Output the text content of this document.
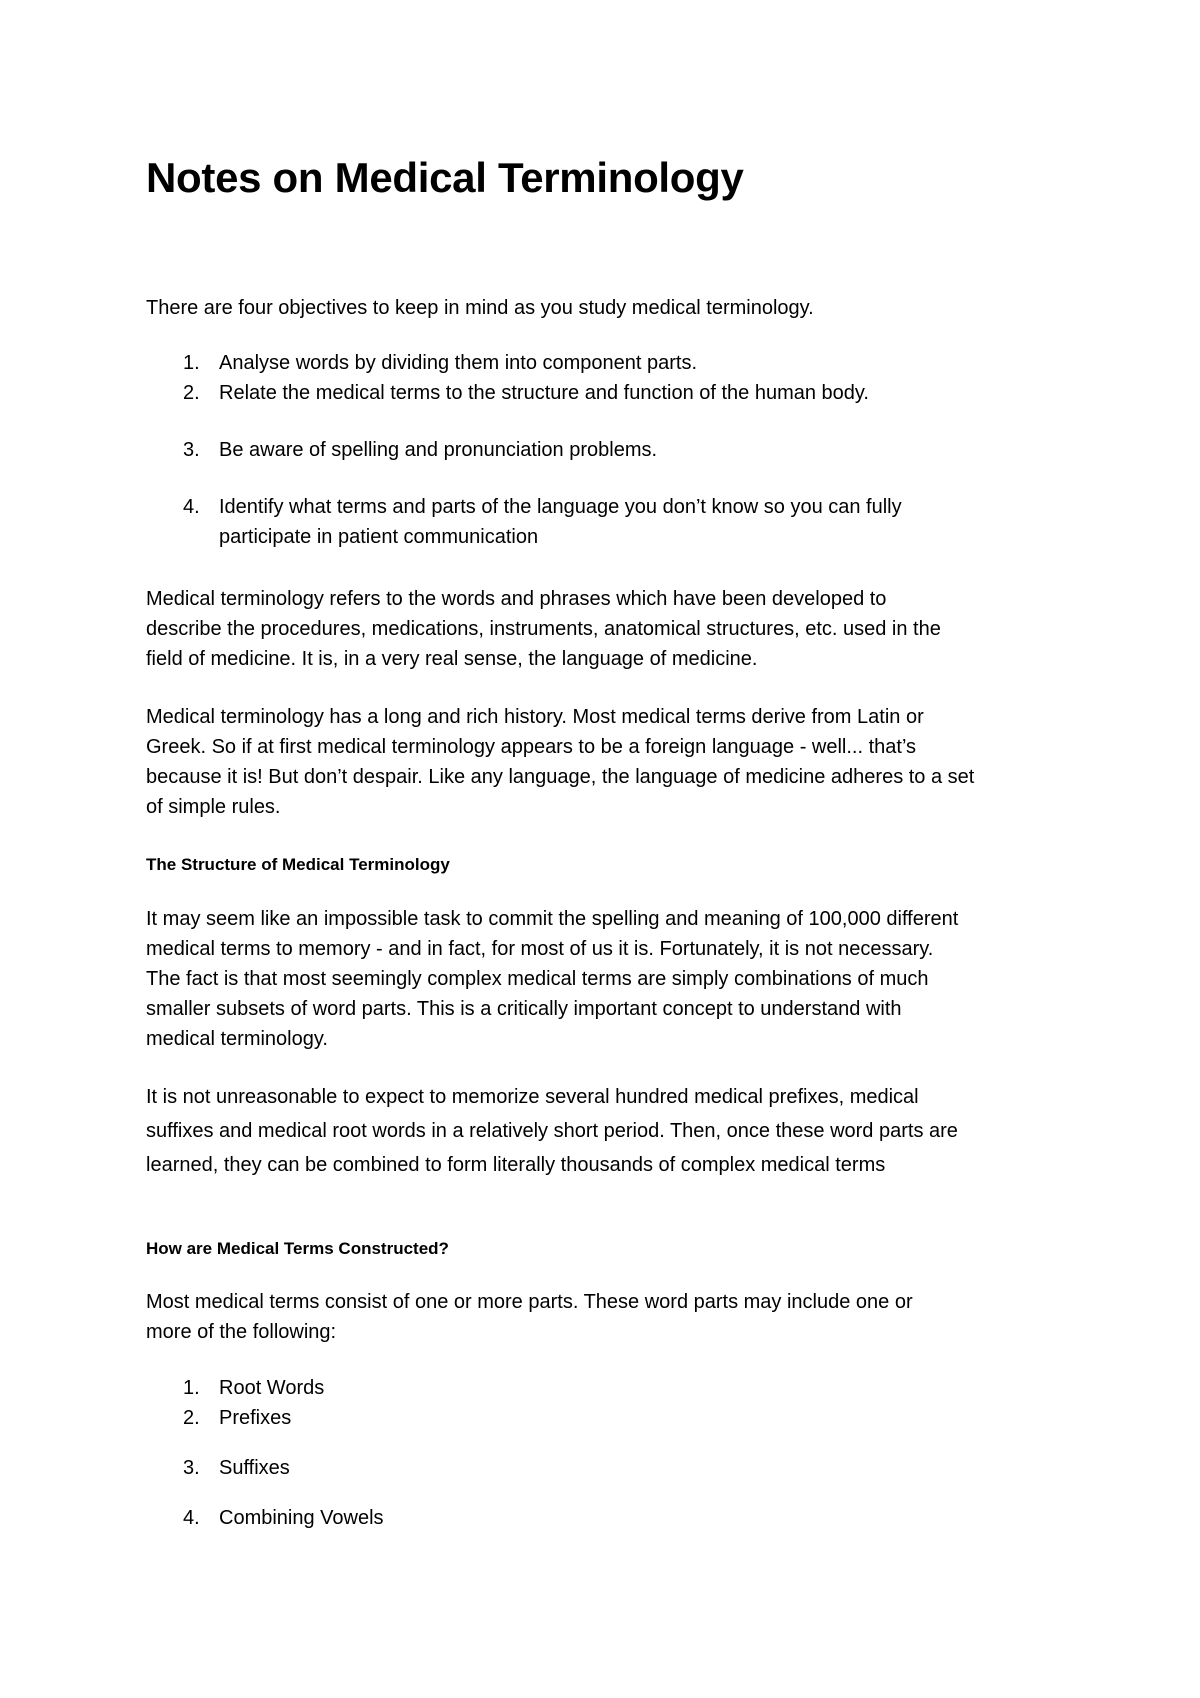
Notes on Medical Terminology

There are four objectives to keep in mind as you study medical terminology.

1. Analyse words by dividing them into component parts.
2. Relate the medical terms to the structure and function of the human body.
3. Be aware of spelling and pronunciation problems.
4. Identify what terms and parts of the language you don’t know so you can fully
participate in patient communication
Medical terminology refers to the words and phrases which have been developed to
describe the procedures, medications, instruments, anatomical structures, etc. used in the
field of medicine. It is, in a very real sense, the language of medicine.
Medical terminology has a long and rich history. Most medical terms derive from Latin or
Greek. So if at first medical terminology appears to be a foreign language - well... that’s
because it is! But don’t despair. Like any language, the language of medicine adheres to a set
of simple rules.
The Structure of Medical Terminology
It may seem like an impossible task to commit the spelling and meaning of 100,000 different
medical terms to memory - and in fact, for most of us it is. Fortunately, it is not necessary.
The fact is that most seemingly complex medical terms are simply combinations of much
smaller subsets of word parts. This is a critically important concept to understand with
medical terminology.
It is not unreasonable to expect to memorize several hundred medical prefixes, medical
suffixes and medical root words in a relatively short period. Then, once these word parts are
learned, they can be combined to form literally thousands of complex medical terms
How are Medical Terms Constructed?
Most medical terms consist of one or more parts. These word parts may include one or
more of the following:
1. Root Words
2. Prefixes
3. Suffixes
4. Combining Vowels
